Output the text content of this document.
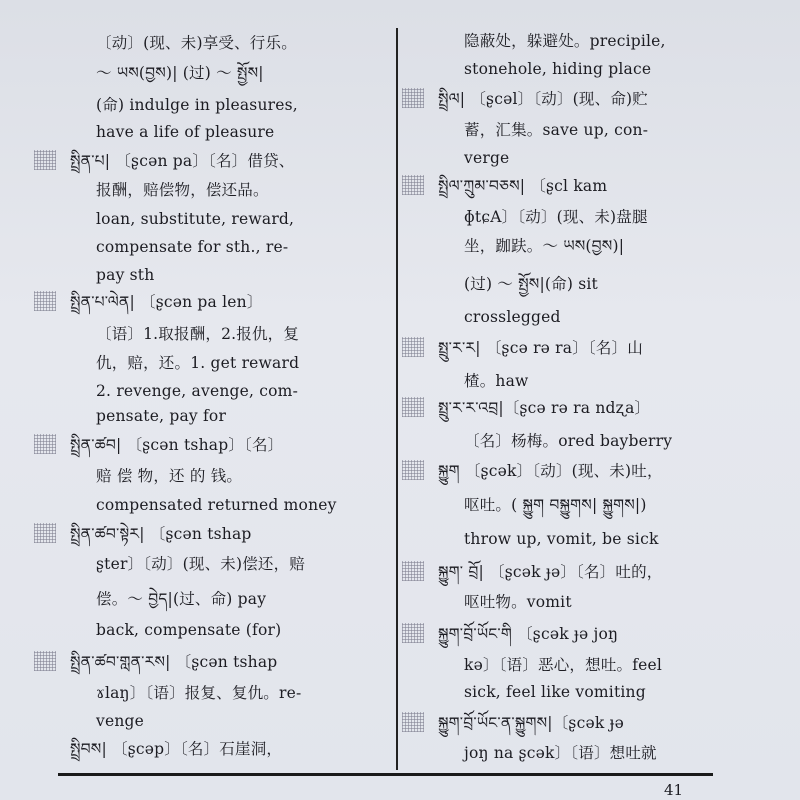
〔动〕(现、未)享受、行乐。
～ ཡས(བྱས)| (过) ～ སྤྱོས|
(命) indulge in pleasures,
have a life of pleasure
སྤྲིན་པ| 〔ʂcən pa〕〔名〕借贷、
报酬，赔偿物，偿还品。
loan, substitute, reward,
compensate for sth., re-
pay sth
སྤྲིན་པ་ལེན| 〔ʂcən pa len〕
〔语〕1.取报酬，2.报仇，复
仇，赔，还。1. get reward
2. revenge, avenge, com-
pensate, pay for
སྤྲིན་ཚབ| 〔ʂcən tshap〕〔名〕
赔 偿 物，还 的 钱。
compensated returned money
སྤྲིན་ཚབ་སྟེར| 〔ʂcən tshap
ʂter〕〔动〕(现、未)偿还，赔
偿。～ བྱེད|(过、命) pay
back, compensate (for)
སྤྲིན་ཚབ་གླན་རས| 〔ʂcən tshap
ɤlaŋ〕〔语〕报复、复仇。re-
venge
སྤྲིབས| 〔ʂcəp〕〔名〕石崖洞，
隐蔽处，躲避处。precipile,
stonehole, hiding place
སྤྲིལ| 〔ʂcəl〕〔动〕(现、命)贮
蓄，汇集。save up, con-
verge
སྤྲིལ་ཀྲུམ་བཅས| 〔ʂcl kam
ɸtɕA〕〔动〕(现、未)盘腿
坐，跏趺。～ ཡས(བྱས)|
(过) ～ སྤྱོས|(命) sit
crosslegged
སྤྲུ་ར་ར| 〔ʂcə rə ra〕〔名〕山
楂。haw
སྤྲུ་ར་ར་འབྲ|〔ʂcə rə ra ndʐa〕
〔名〕杨梅。ored bayberry
སྐྱུག 〔ʂcək〕〔动〕(现、未)吐，
呕吐。( སྐྱུག བསྐྱུགས| སྐྱུགས|)
throw up, vomit, be sick
སྐྱུག་ བྲོ| 〔ʂcək ɟə〕〔名〕吐的，
呕吐物。vomit
སྐྱུག་བྲོ་ཡོང་གི 〔ʂcək ɟə joŋ
kə〕〔语〕恶心，想吐。feel
sick, feel like vomiting
སྐྱུག་བྲོ་ཡོང་ན་སྐྱུགས|〔ʂcək ɟə
joŋ na ʂcək〕〔语〕想吐就
41
